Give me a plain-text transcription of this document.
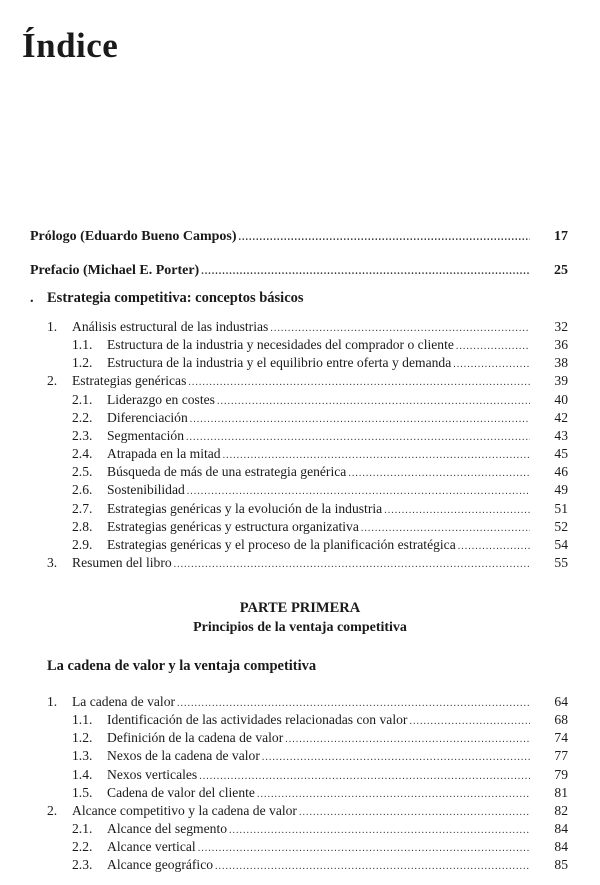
Índice
Prólogo (Eduardo Bueno Campos) .....	17
Prefacio (Michael E. Porter) .....	25
. Estrategia competitiva: conceptos básicos
1.	Análisis estructural de las industrias .....	32
1.1.	Estructura de la industria y necesidades del comprador o cliente .....	36
1.2.	Estructura de la industria y el equilibrio entre oferta y demanda .....	38
2.	Estrategias genéricas .....	39
2.1.	Liderazgo en costes .....	40
2.2.	Diferenciación .....	42
2.3.	Segmentación .....	43
2.4.	Atrapada en la mitad .....	45
2.5.	Búsqueda de más de una estrategia genérica .....	46
2.6.	Sostenibilidad .....	49
2.7.	Estrategias genéricas y la evolución de la industria .....	51
2.8.	Estrategias genéricas y estructura organizativa .....	52
2.9.	Estrategias genéricas y el proceso de la planificación estratégica .....	54
3.	Resumen del libro .....	55
PARTE PRIMERA
Principios de la ventaja competitiva
La cadena de valor y la ventaja competitiva
1.	La cadena de valor .....	64
1.1.	Identificación de las actividades relacionadas con valor .....	68
1.2.	Definición de la cadena de valor .....	74
1.3.	Nexos de la cadena de valor .....	77
1.4.	Nexos verticales .....	79
1.5.	Cadena de valor del cliente .....	81
2.	Alcance competitivo y la cadena de valor .....	82
2.1.	Alcance del segmento .....	84
2.2.	Alcance vertical .....	84
2.3.	Alcance geográfico .....	85
